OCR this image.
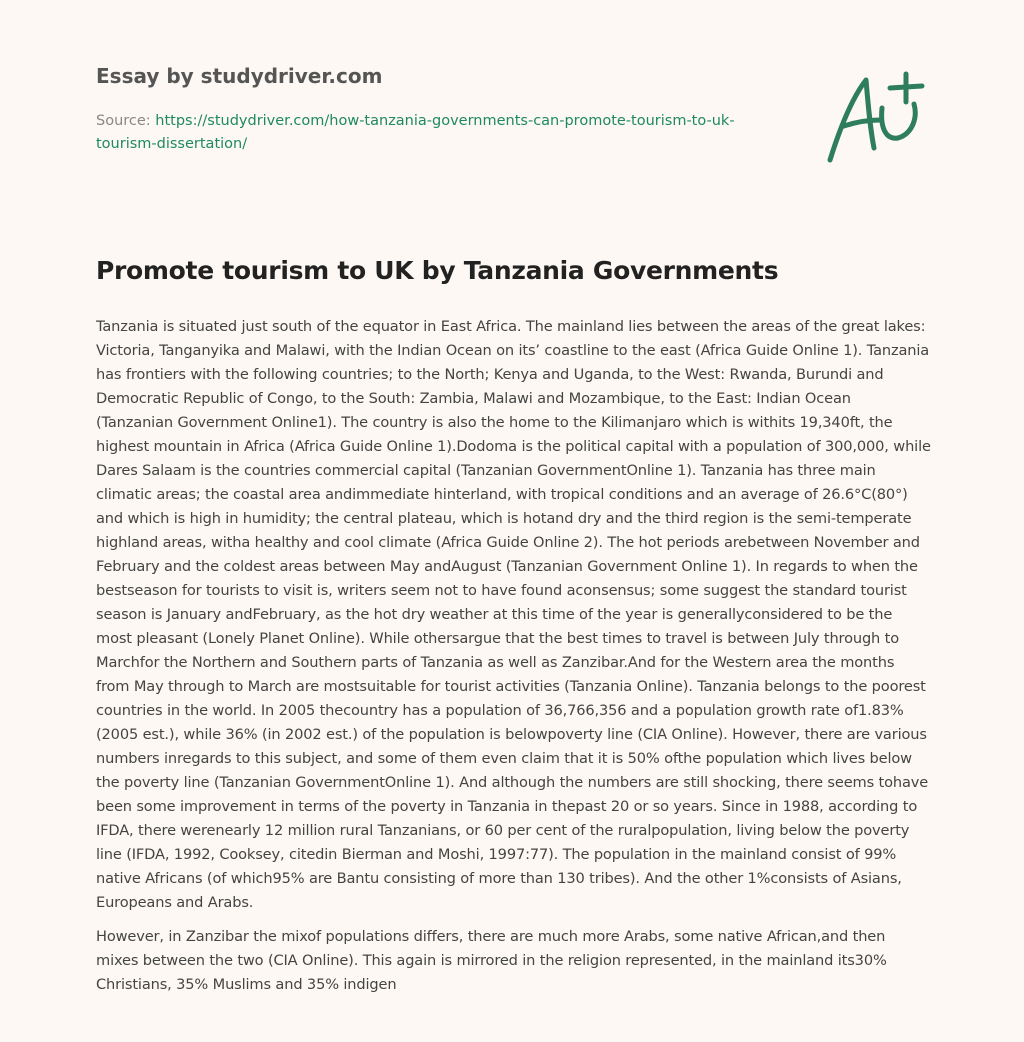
Essay by studydriver.com
Source: https://studydriver.com/how-tanzania-governments-can-promote-tourism-to-uk-tourism-dissertation/
Promote tourism to UK by Tanzania Governments

Tanzania is situated just south of the equator in East Africa. The mainland lies between the areas of the great lakes: Victoria, Tanganyika and Malawi, with the Indian Ocean on its’ coastline to the east (Africa Guide Online 1). Tanzania has frontiers with the following countries; to the North; Kenya and Uganda, to the West: Rwanda, Burundi and Democratic Republic of Congo, to the South: Zambia, Malawi and Mozambique, to the East: Indian Ocean (Tanzanian Government Online1). The country is also the home to the Kilimanjaro which is withits 19,340ft, the highest mountain in Africa (Africa Guide Online 1).Dodoma is the political capital with a population of 300,000, while Dares Salaam is the countries commercial capital (Tanzanian GovernmentOnline 1). Tanzania has three main climatic areas; the coastal area andimmediate hinterland, with tropical conditions and an average of 26.6°C(80°) and which is high in humidity; the central plateau, which is hotand dry and the third region is the semi-temperate highland areas, witha healthy and cool climate (Africa Guide Online 2). The hot periods arebetween November and February and the coldest areas between May andAugust (Tanzanian Government Online 1). In regards to when the bestseason for tourists to visit is, writers seem not to have found aconsensus; some suggest the standard tourist season is January andFebruary, as the hot dry weather at this time of the year is generallyconsidered to be the most pleasant (Lonely Planet Online). While othersargue that the best times to travel is between July through to Marchfor the Northern and Southern parts of Tanzania as well as Zanzibar.And for the Western area the months from May through to March are mostsuitable for tourist activities (Tanzania Online). Tanzania belongs to the poorest countries in the world. In 2005 thecountry has a population of 36,766,356 and a population growth rate of1.83% (2005 est.), while 36% (in 2002 est.) of the population is belowpoverty line (CIA Online). However, there are various numbers inregards to this subject, and some of them even claim that it is 50% ofthe population which lives below the poverty line (Tanzanian GovernmentOnline 1). And although the numbers are still shocking, there seems tohave been some improvement in terms of the poverty in Tanzania in thepast 20 or so years. Since in 1988, according to IFDA, there werenearly 12 million rural Tanzanians, or 60 per cent of the ruralpopulation, living below the poverty line (IFDA, 1992, Cooksey, citedin Bierman and Moshi, 1997:77). The population in the mainland consist of 99% native Africans (of which95% are Bantu consisting of more than 130 tribes). And the other 1%consists of Asians, Europeans and Arabs.

However, in Zanzibar the mixof populations differs, there are much more Arabs, some native African,and then mixes between the two (CIA Online). This again is mirrored in the religion represented, in the mainland its30% Christians, 35% Muslims and 35% indigen
